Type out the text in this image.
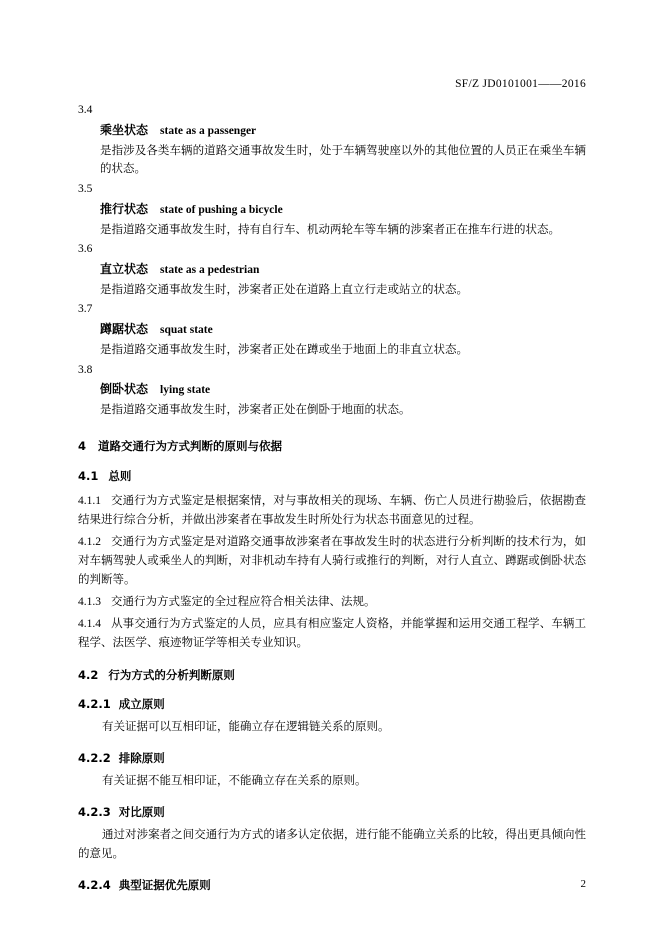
SF/Z JD0101001——2016
3.4
乘坐状态 state as a passenger
是指涉及各类车辆的道路交通事故发生时，处于车辆驾驶座以外的其他位置的人员正在乘坐车辆的状态。
3.5
推行状态 state of pushing a bicycle
是指道路交通事故发生时，持有自行车、机动两轮车等车辆的涉案者正在推车行进的状态。
3.6
直立状态 state as a pedestrian
是指道路交通事故发生时，涉案者正处在道路上直立行走或站立的状态。
3.7
蹲踞状态 squat state
是指道路交通事故发生时，涉案者正处在蹲或坐于地面上的非直立状态。
3.8
倒卧状态 lying state
是指道路交通事故发生时，涉案者正处在倒卧于地面的状态。
4 道路交通行为方式判断的原则与依据
4.1 总则
4.1.1 交通行为方式鉴定是根据案情，对与事故相关的现场、车辆、伤亡人员进行勘验后，依据勘查结果进行综合分析，并做出涉案者在事故发生时所处行为状态书面意见的过程。
4.1.2 交通行为方式鉴定是对道路交通事故涉案者在事故发生时的状态进行分析判断的技术行为，如对车辆驾驶人或乘坐人的判断，对非机动车持有人骑行或推行的判断，对行人直立、蹲踞或倒卧状态的判断等。
4.1.3 交通行为方式鉴定的全过程应符合相关法律、法规。
4.1.4 从事交通行为方式鉴定的人员，应具有相应鉴定人资格，并能掌握和运用交通工程学、车辆工程学、法医学、痕迹物证学等相关专业知识。
4.2 行为方式的分析判断原则
4.2.1 成立原则
有关证据可以互相印证，能确立存在逻辑链关系的原则。
4.2.2 排除原则
有关证据不能互相印证，不能确立存在关系的原则。
4.2.3 对比原则
通过对涉案者之间交通行为方式的诸多认定依据，进行能不能确立关系的比较，得出更具倾向性的意见。
4.2.4 典型证据优先原则	2
